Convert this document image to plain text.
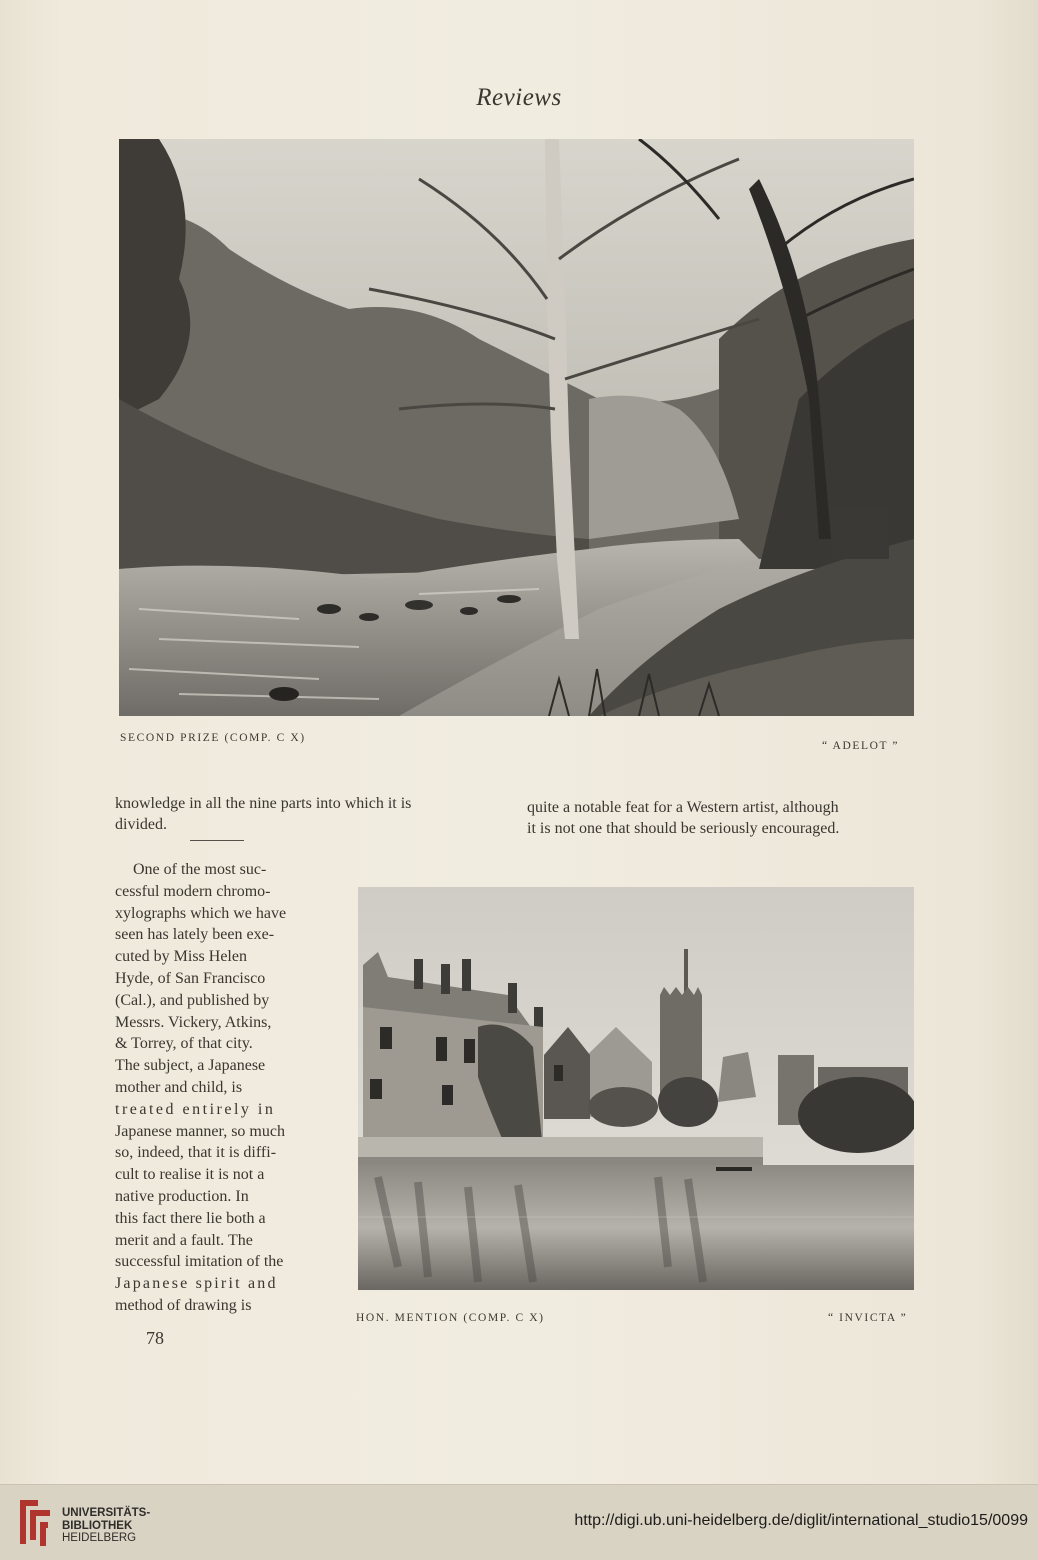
Reviews
SECOND PRIZE (COMP. C X)
“ ADELOT ”
knowledge in all the nine parts into which it is
divided.
quite a notable feat for a Western artist, although
it is not one that should be seriously encouraged.
One of the most suc-
cessful modern chromo-
xylographs which we have
seen has lately been exe-
cuted by Miss Helen
Hyde, of San Francisco
(Cal.), and published by
Messrs. Vickery, Atkins,
& Torrey, of that city.
The subject, a Japanese
mother and child, is
treated entirely in
Japanese manner, so much
so, indeed, that it is diffi-
cult to realise it is not a
native production. In
this fact there lie both a
merit and a fault. The
successful imitation of the
Japanese spirit and
method of drawing is
HON. MENTION (COMP. C X)	“ INVICTA ”
78
UNIVERSITÄTS-
BIBLIOTHEK
HEIDELBERG
http://digi.ub.uni-heidelberg.de/diglit/international_studio15/0099
